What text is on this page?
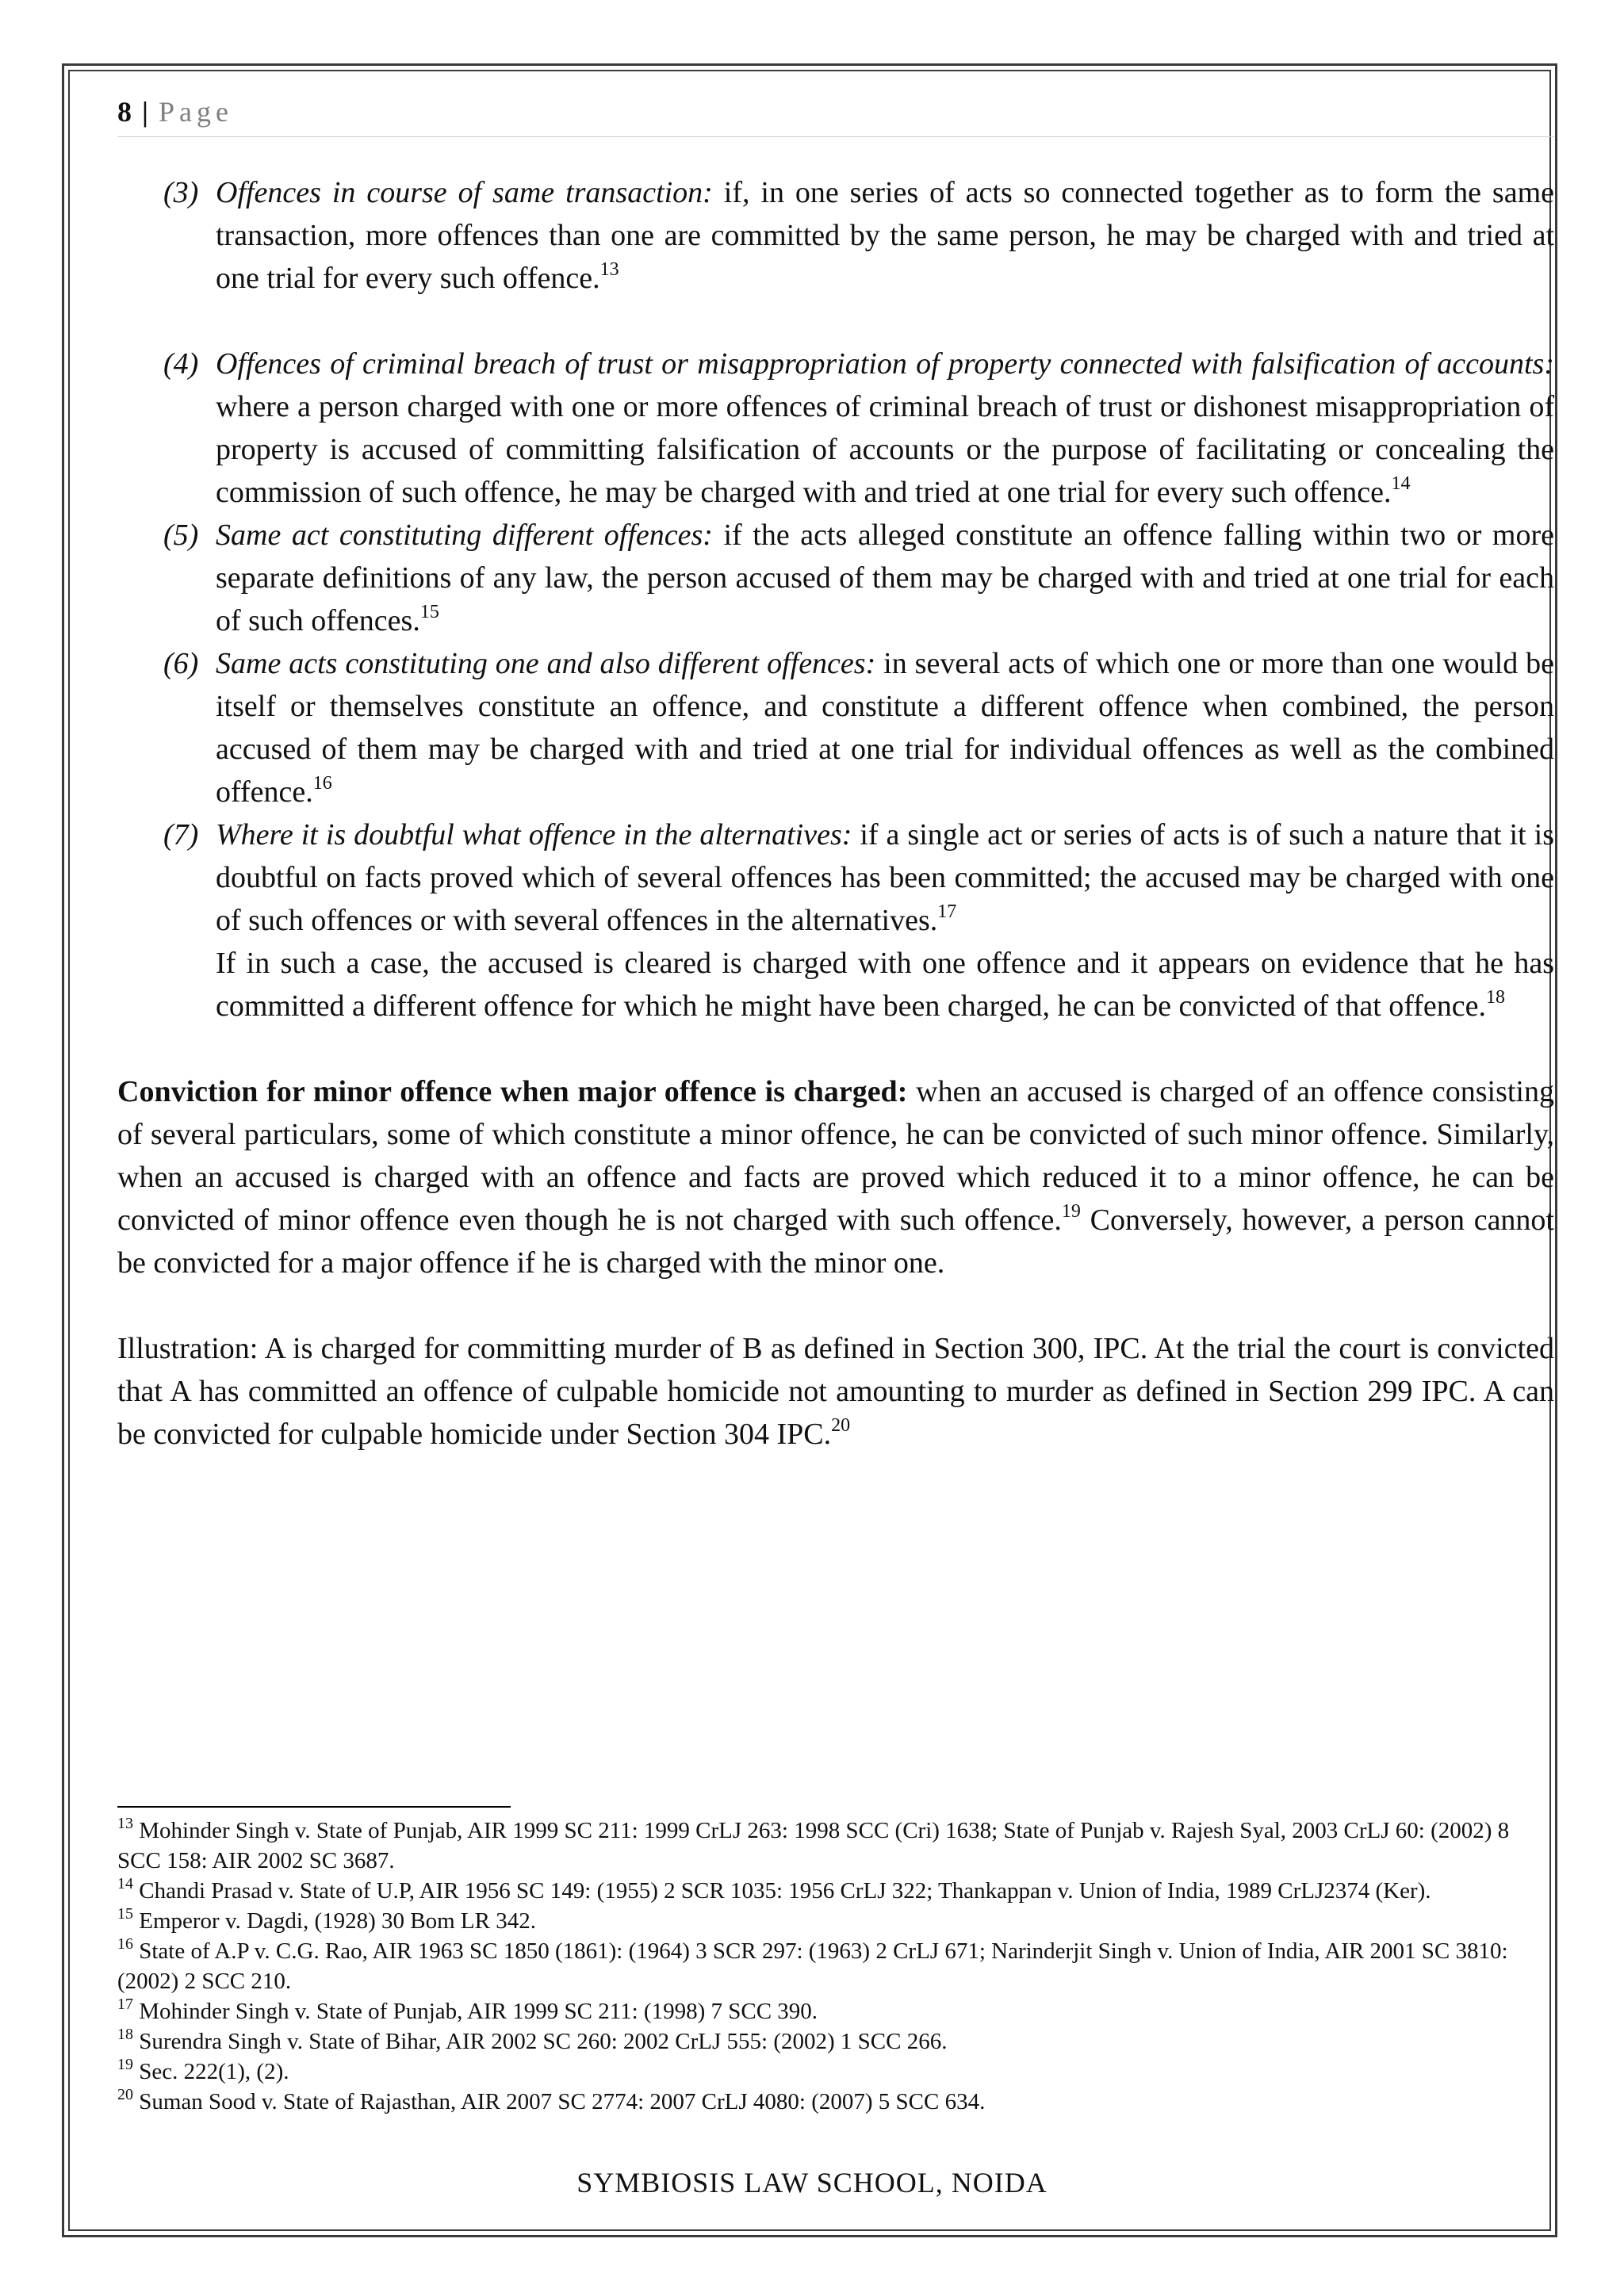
8 | Page

(3) Offences in course of same transaction: if, in one series of acts so connected together as to form the same transaction, more offences than one are committed by the same person, he may be charged with and tried at one trial for every such offence.$^{13}$

(4) Offences of criminal breach of trust or misappropriation of property connected with falsification of accounts: where a person charged with one or more offences of criminal breach of trust or dishonest misappropriation of property is accused of committing falsification of accounts or the purpose of facilitating or concealing the commission of such offence, he may be charged with and tried at one trial for every such offence.$^{14}$

(5) Same act constituting different offences: if the acts alleged constitute an offence falling within two or more separate definitions of any law, the person accused of them may be charged with and tried at one trial for each of such offences.$^{15}$

(6) Same acts constituting one and also different offences: in several acts of which one or more than one would be itself or themselves constitute an offence, and constitute a different offence when combined, the person accused of them may be charged with and tried at one trial for individual offences as well as the combined offence.$^{16}$

(7) Where it is doubtful what offence in the alternatives: if a single act or series of acts is of such a nature that it is doubtful on facts proved which of several offences has been committed; the accused may be charged with one of such offences or with several offences in the alternatives.$^{17}$

If in such a case, the accused is cleared is charged with one offence and it appears on evidence that he has committed a different offence for which he might have been charged, he can be convicted of that offence.$^{18}$

Conviction for minor offence when major offence is charged: when an accused is charged of an offence consisting of several particulars, some of which constitute a minor offence, he can be convicted of such minor offence. Similarly, when an accused is charged with an offence and facts are proved which reduced it to a minor offence, he can be convicted of minor offence even though he is not charged with such offence.$^{19}$ Conversely, however, a person cannot be convicted for a major offence if he is charged with the minor one.

Illustration: A is charged for committing murder of B as defined in Section 300, IPC. At the trial the court is convicted that A has committed an offence of culpable homicide not amounting to murder as defined in Section 299 IPC. A can be convicted for culpable homicide under Section 304 IPC.$^{20}$

$^{13}$ Mohinder Singh v. State of Punjab, AIR 1999 SC 211: 1999 CrLJ 263: 1998 SCC (Cri) 1638; State of Punjab v. Rajesh Syal, 2003 CrLJ 60: (2002) 8 SCC 158: AIR 2002 SC 3687.

$^{14}$ Chandi Prasad v. State of U.P, AIR 1956 SC 149: (1955) 2 SCR 1035: 1956 CrLJ 322; Thankappan v. Union of India, 1989 CrLJ2374 (Ker).

$^{15}$ Emperor v. Dagdi, (1928) 30 Bom LR 342.

$^{16}$ State of A.P v. C.G. Rao, AIR 1963 SC 1850 (1861): (1964) 3 SCR 297: (1963) 2 CrLJ 671; Narinderjit Singh v. Union of India, AIR 2001 SC 3810: (2002) 2 SCC 210.

$^{17}$ Mohinder Singh v. State of Punjab, AIR 1999 SC 211: (1998) 7 SCC 390.

$^{18}$ Surendra Singh v. State of Bihar, AIR 2002 SC 260: 2002 CrLJ 555: (2002) 1 SCC 266.

$^{19}$ Sec. 222(1), (2).

$^{20}$ Suman Sood v. State of Rajasthan, AIR 2007 SC 2774: 2007 CrLJ 4080: (2007) 5 SCC 634.

SYMBIOSIS LAW SCHOOL, NOIDA
